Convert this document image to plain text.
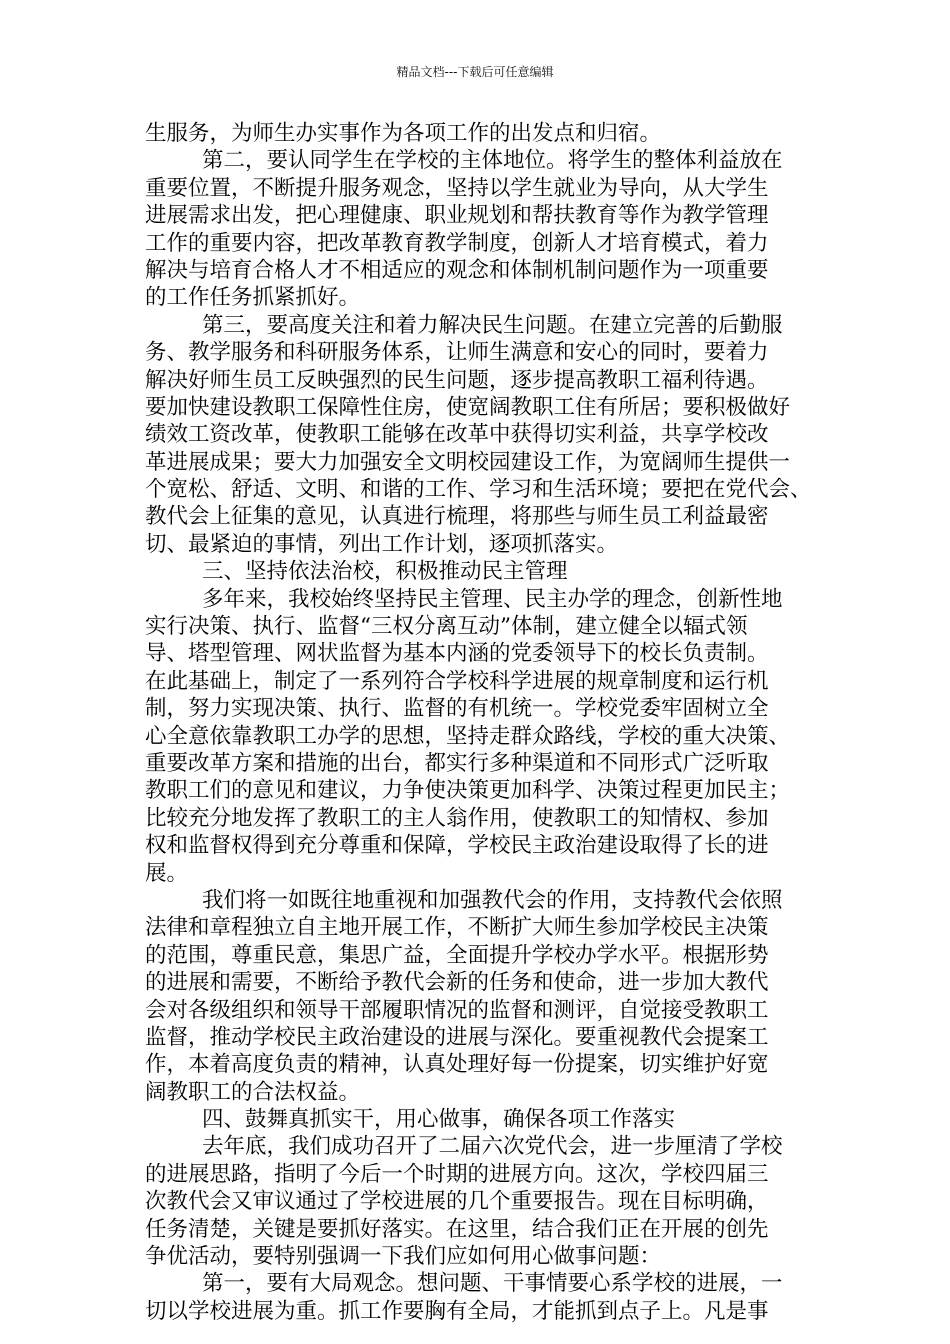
精品文档---下载后可任意编辑
生服务，为师生办实事作为各项工作的出发点和归宿。
第二，要认同学生在学校的主体地位。将学生的整体利益放在
重要位置，不断提升服务观念，坚持以学生就业为导向，从大学生
进展需求出发，把心理健康、职业规划和帮扶教育等作为教学管理
工作的重要内容，把改革教育教学制度，创新人才培育模式，着力
解决与培育合格人才不相适应的观念和体制机制问题作为一项重要
的工作任务抓紧抓好。
第三，要高度关注和着力解决民生问题。在建立完善的后勤服
务、教学服务和科研服务体系，让师生满意和安心的同时，要着力
解决好师生员工反映强烈的民生问题，逐步提高教职工福利待遇。
要加快建设教职工保障性住房，使宽阔教职工住有所居；要积极做好
绩效工资改革，使教职工能够在改革中获得切实利益，共享学校改
革进展成果；要大力加强安全文明校园建设工作，为宽阔师生提供一
个宽松、舒适、文明、和谐的工作、学习和生活环境；要把在党代会、
教代会上征集的意见，认真进行梳理，将那些与师生员工利益最密
切、最紧迫的事情，列出工作计划，逐项抓落实。
三、坚持依法治校，积极推动民主管理
多年来，我校始终坚持民主管理、民主办学的理念，创新性地
实行决策、执行、监督“三权分离互动”体制，建立健全以辐式领
导、塔型管理、网状监督为基本内涵的党委领导下的校长负责制。
在此基础上，制定了一系列符合学校科学进展的规章制度和运行机
制，努力实现决策、执行、监督的有机统一。学校党委牢固树立全
心全意依靠教职工办学的思想，坚持走群众路线，学校的重大决策、
重要改革方案和措施的出台，都实行多种渠道和不同形式广泛听取
教职工们的意见和建议，力争使决策更加科学、决策过程更加民主；
比较充分地发挥了教职工的主人翁作用，使教职工的知情权、参加
权和监督权得到充分尊重和保障，学校民主政治建设取得了长的进
展。
我们将一如既往地重视和加强教代会的作用，支持教代会依照
法律和章程独立自主地开展工作，不断扩大师生参加学校民主决策
的范围，尊重民意，集思广益，全面提升学校办学水平。根据形势
的进展和需要，不断给予教代会新的任务和使命，进一步加大教代
会对各级组织和领导干部履职情况的监督和测评，自觉接受教职工
监督，推动学校民主政治建设的进展与深化。要重视教代会提案工
作，本着高度负责的精神，认真处理好每一份提案，切实维护好宽
阔教职工的合法权益。
四、鼓舞真抓实干，用心做事，确保各项工作落实
去年底，我们成功召开了二届六次党代会，进一步厘清了学校
的进展思路，指明了今后一个时期的进展方向。这次，学校四届三
次教代会又审议通过了学校进展的几个重要报告。现在目标明确，
任务清楚，关键是要抓好落实。在这里，结合我们正在开展的创先
争优活动，要特别强调一下我们应如何用心做事问题：
第一，要有大局观念。想问题、干事情要心系学校的进展，一
切以学校进展为重。抓工作要胸有全局，才能抓到点子上。凡是事
